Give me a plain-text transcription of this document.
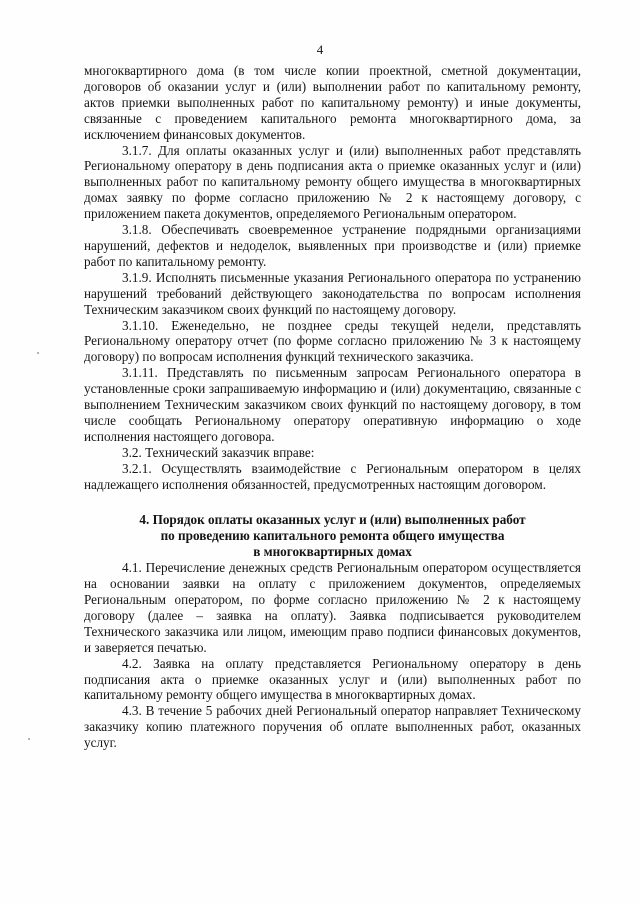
4

многоквартирного дома (в том числе копии проектной, сметной документации, договоров об оказании услуг и (или) выполнении работ по капитальному ремонту, актов приемки выполненных работ по капитальному ремонту) и иные документы, связанные с проведением капитального ремонта многоквартирного дома, за исключением финансовых документов.

3.1.7. Для оплаты оказанных услуг и (или) выполненных работ представлять Региональному оператору в день подписания акта о приемке оказанных услуг и (или) выполненных работ по капитальному ремонту общего имущества в многоквартирных домах заявку по форме согласно приложению № 2 к настоящему договору, с приложением пакета документов, определяемого Региональным оператором.

3.1.8. Обеспечивать своевременное устранение подрядными организациями нарушений, дефектов и недоделок, выявленных при производстве и (или) приемке работ по капитальному ремонту.

3.1.9. Исполнять письменные указания Регионального оператора по устранению нарушений требований действующего законодательства по вопросам исполнения Техническим заказчиком своих функций по настоящему договору.

3.1.10. Еженедельно, не позднее среды текущей недели, представлять Региональному оператору отчет (по форме согласно приложению № 3 к настоящему договору) по вопросам исполнения функций технического заказчика.

3.1.11. Представлять по письменным запросам Регионального оператора в установленные сроки запрашиваемую информацию и (или) документацию, связанные с выполнением Техническим заказчиком своих функций по настоящему договору, в том числе сообщать Региональному оператору оперативную информацию о ходе исполнения настоящего договора.

3.2. Технический заказчик вправе:

3.2.1. Осуществлять взаимодействие с Региональным оператором в целях надлежащего исполнения обязанностей, предусмотренных настоящим договором.

4. Порядок оплаты оказанных услуг и (или) выполненных работ
по проведению капитального ремонта общего имущества
в многоквартирных домах

4.1. Перечисление денежных средств Региональным оператором осуществляется на основании заявки на оплату с приложением документов, определяемых Региональным оператором, по форме согласно приложению № 2 к настоящему договору (далее – заявка на оплату). Заявка подписывается руководителем Технического заказчика или лицом, имеющим право подписи финансовых документов, и заверяется печатью.

4.2. Заявка на оплату представляется Региональному оператору в день подписания акта о приемке оказанных услуг и (или) выполненных работ по капитальному ремонту общего имущества в многоквартирных домах.

4.3. В течение 5 рабочих дней Региональный оператор направляет Техническому заказчику копию платежного поручения об оплате выполненных работ, оказанных услуг.
